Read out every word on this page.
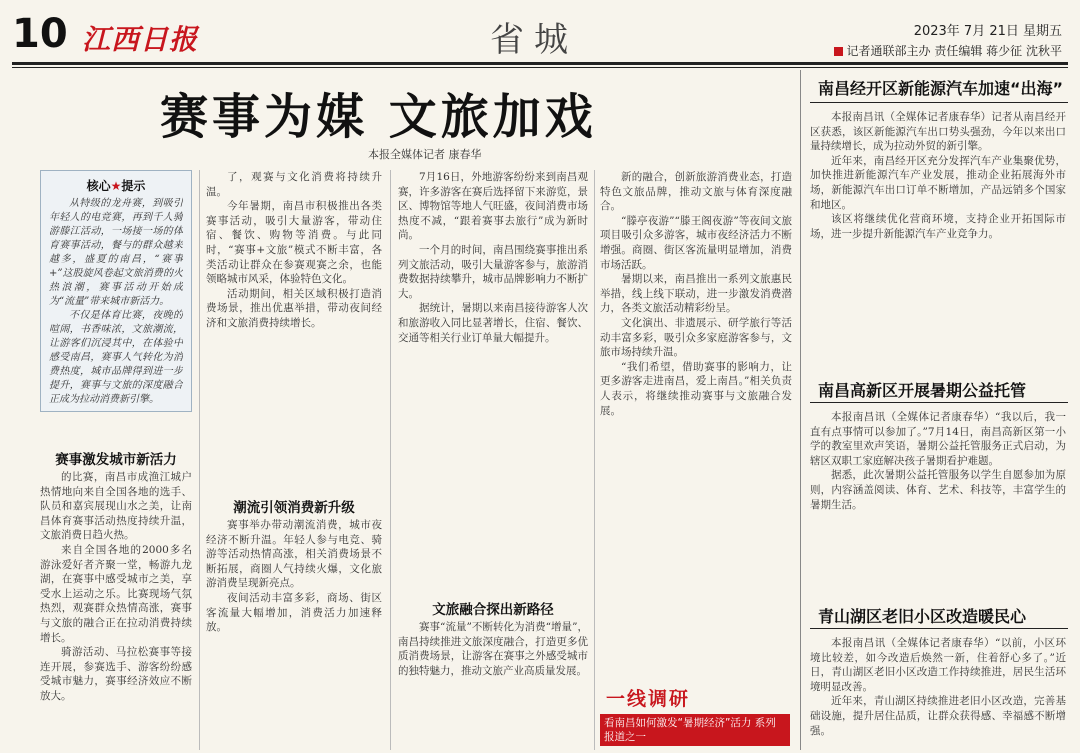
10 江西日报	省城	2023年 7月 21日 星期五
记者通联部主办 责任编辑 蒋少征 沈秋平
赛事为媒 文旅加戏
本报全媒体记者 康春华
核心★提示

从特级的龙舟赛，到吸引年轻人的电竞赛，再到千人骑游滕江活动，一场接一场的体育赛事活动，餐与的群众越来越多，盛夏的南昌，“赛事+”这股旋风卷起文旅消费的火热浪潮，赛事活动开始成为“流量”带来城市新活力。

不仅是体育比赛，夜晚的喧闹，书香味浓，文旅潮流，让游客们沉浸其中，在体验中感受南昌，赛事人气转化为消费热度，城市品牌得到进一步提升，赛事与文旅的深度融合正成为拉动消费新引擎。

赛事激发城市新活力

的比赛，南昌市成渔江城户热情地向来自全国各地的选手、队员和嘉宾展现山水之美，让南昌体育赛事活动热度持续升温，文旅消费日趋火热。

来自全国各地的2000多名游泳爱好者齐聚一堂，畅游九龙湖，在赛事中感受城市之美，享受水上运动之乐。比赛现场气氛热烈，观赛群众热情高涨，赛事与文旅的融合正在拉动消费持续增长。

骑游活动、马拉松赛事等接连开展，参赛选手、游客纷纷感受城市魅力，赛事经济效应不断放大。

了，观赛与文化消费将持续升温。

今年暑期，南昌市积极推出各类赛事活动，吸引大量游客，带动住宿、餐饮、购物等消费。与此同时，“赛事+文旅”模式不断丰富，各类活动让群众在参赛观赛之余，也能领略城市风采，体验特色文化。

活动期间，相关区域积极打造消费场景，推出优惠举措，带动夜间经济和文旅消费持续增长。

潮流引领消费新升级

赛事举办带动潮流消费，城市夜经济不断升温。年轻人参与电竞、骑游等活动热情高涨，相关消费场景不断拓展，商圈人气持续火爆，文化旅游消费呈现新亮点。

夜间活动丰富多彩，商场、街区客流量大幅增加，消费活力加速释放。

7月16日，外地游客纷纷来到南昌观赛，许多游客在赛后选择留下来游览，景区、博物馆等地人气旺盛，夜间消费市场热度不减，“跟着赛事去旅行”成为新时尚。

一个月的时间，南昌围绕赛事推出系列文旅活动，吸引大量游客参与，旅游消费数据持续攀升，城市品牌影响力不断扩大。

据统计，暑期以来南昌接待游客人次和旅游收入同比显著增长，住宿、餐饮、交通等相关行业订单量大幅提升。

文旅融合探出新路径

赛事“流量”不断转化为消费“增量”，南昌持续推进文旅深度融合，打造更多优质消费场景，让游客在赛事之外感受城市的独特魅力，推动文旅产业高质量发展。

新的融合，创新旅游消费业态，打造特色文旅品牌，推动文旅与体育深度融合。

“滕亭夜游”“滕王阁夜游”等夜间文旅项目吸引众多游客，城市夜经济活力不断增强。商圈、街区客流量明显增加，消费市场活跃。

暑期以来，南昌推出一系列文旅惠民举措，线上线下联动，进一步激发消费潜力，各类文旅活动精彩纷呈。

文化演出、非遗展示、研学旅行等活动丰富多彩，吸引众多家庭游客参与，文旅市场持续升温。

“我们希望，借助赛事的影响力，让更多游客走进南昌，爱上南昌。”相关负责人表示，将继续推动赛事与文旅融合发展。

一线调研
看南昌如何激发“暑期经济”活力 系列报道之一
南昌经开区新能源汽车加速“出海”

本报南昌讯（全媒体记者康春华）记者从南昌经开区获悉，该区新能源汽车出口势头强劲，今年以来出口量持续增长，成为拉动外贸的新引擎。

近年来，南昌经开区充分发挥汽车产业集聚优势，加快推进新能源汽车产业发展，推动企业拓展海外市场，新能源汽车出口订单不断增加，产品远销多个国家和地区。

该区将继续优化营商环境，支持企业开拓国际市场，进一步提升新能源汽车产业竞争力。

南昌高新区开展暑期公益托管

本报南昌讯（全媒体记者康春华）“我以后，我一直有点事情可以参加了。”7月14日，南昌高新区第一小学的教室里欢声笑语，暑期公益托管服务正式启动，为辖区双职工家庭解决孩子暑期看护难题。

据悉，此次暑期公益托管服务以学生自愿参加为原则，内容涵盖阅读、体育、艺术、科技等，丰富学生的暑期生活。

青山湖区老旧小区改造暖民心

本报南昌讯（全媒体记者康春华）“以前，小区环境比较差，如今改造后焕然一新，住着舒心多了。”近日，青山湖区老旧小区改造工作持续推进，居民生活环境明显改善。

近年来，青山湖区持续推进老旧小区改造，完善基础设施，提升居住品质，让群众获得感、幸福感不断增强。
